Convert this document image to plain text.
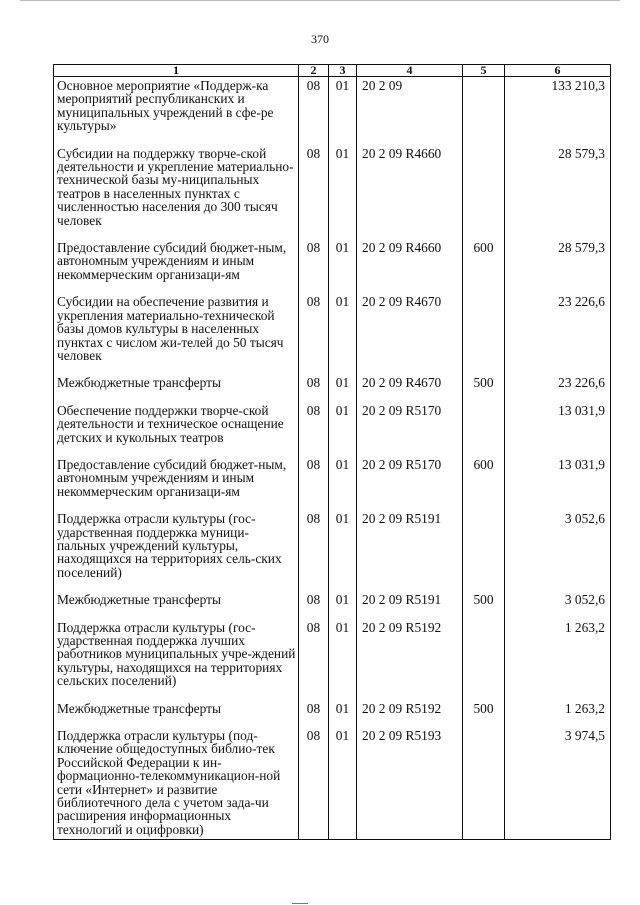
370
1	2	3	4	5	6
Основное мероприятие «Поддерж-ка мероприятий республиканских и муниципальных учреждений в сфе-ре культуры»	08	01	20 2 09		133 210,3
Субсидии на поддержку творче-ской деятельности и укрепление материально-технической базы му-ниципальных театров в населенных пунктах с численностью населения до 300 тысяч человек	08	01	20 2 09 R4660		28 579,3
Предоставление субсидий бюджет-ным, автономным учреждениям и иным некоммерческим организаци-ям	08	01	20 2 09 R4660	600	28 579,3
Субсидии на обеспечение развития и укрепления материально-технической базы домов культуры в населенных пунктах с числом жи-телей до 50 тысяч человек	08	01	20 2 09 R4670		23 226,6
Межбюджетные трансферты	08	01	20 2 09 R4670	500	23 226,6
Обеспечение поддержки творче-ской деятельности и техническое оснащение детских и кукольных театров	08	01	20 2 09 R5170		13 031,9
Предоставление субсидий бюджет-ным, автономным учреждениям и иным некоммерческим организаци-ям	08	01	20 2 09 R5170	600	13 031,9
Поддержка отрасли культуры (гос-ударственная поддержка муници-пальных учреждений культуры, находящихся на территориях сель-ских поселений)	08	01	20 2 09 R5191		3 052,6
Межбюджетные трансферты	08	01	20 2 09 R5191	500	3 052,6
Поддержка отрасли культуры (гос-ударственная поддержка лучших работников муниципальных учре-ждений культуры, находящихся на территориях сельских поселений)	08	01	20 2 09 R5192		1 263,2
Межбюджетные трансферты	08	01	20 2 09 R5192	500	1 263,2
Поддержка отрасли культуры (под-ключение общедоступных библио-тек Российской Федерации к ин-формационно-телекоммуникацион-ной сети «Интернет» и развитие библиотечного дела с учетом зада-чи расширения информационных технологий и оцифровки)	08	01	20 2 09 R5193		3 974,5
